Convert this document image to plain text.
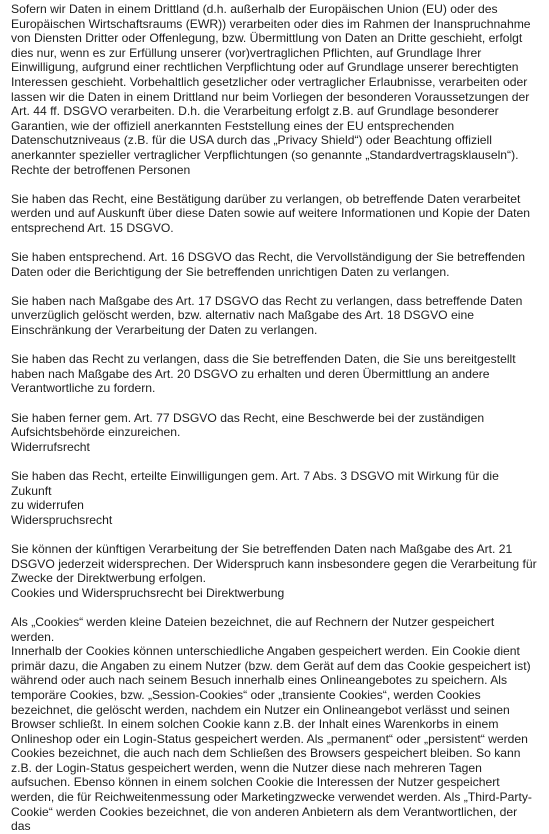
Sofern wir Daten in einem Drittland (d.h. außerhalb der Europäischen Union (EU) oder des
Europäischen Wirtschaftsraums (EWR)) verarbeiten oder dies im Rahmen der Inanspruchnahme
von Diensten Dritter oder Offenlegung, bzw. Übermittlung von Daten an Dritte geschieht, erfolgt
dies nur, wenn es zur Erfüllung unserer (vor)vertraglichen Pflichten, auf Grundlage Ihrer
Einwilligung, aufgrund einer rechtlichen Verpflichtung oder auf Grundlage unserer berechtigten
Interessen geschieht. Vorbehaltlich gesetzlicher oder vertraglicher Erlaubnisse, verarbeiten oder
lassen wir die Daten in einem Drittland nur beim Vorliegen der besonderen Voraussetzungen der
Art. 44 ff. DSGVO verarbeiten. D.h. die Verarbeitung erfolgt z.B. auf Grundlage besonderer
Garantien, wie der offiziell anerkannten Feststellung eines der EU entsprechenden
Datenschutzniveaus (z.B. für die USA durch das „Privacy Shield“) oder Beachtung offiziell
anerkannter spezieller vertraglicher Verpflichtungen (so genannte „Standardvertragsklauseln“).
Rechte der betroffenen Personen
Sie haben das Recht, eine Bestätigung darüber zu verlangen, ob betreffende Daten verarbeitet
werden und auf Auskunft über diese Daten sowie auf weitere Informationen und Kopie der Daten
entsprechend Art. 15 DSGVO.
Sie haben entsprechend. Art. 16 DSGVO das Recht, die Vervollständigung der Sie betreffenden
Daten oder die Berichtigung der Sie betreffenden unrichtigen Daten zu verlangen.
Sie haben nach Maßgabe des Art. 17 DSGVO das Recht zu verlangen, dass betreffende Daten
unverzüglich gelöscht werden, bzw. alternativ nach Maßgabe des Art. 18 DSGVO eine
Einschränkung der Verarbeitung der Daten zu verlangen.
Sie haben das Recht zu verlangen, dass die Sie betreffenden Daten, die Sie uns bereitgestellt
haben nach Maßgabe des Art. 20 DSGVO zu erhalten und deren Übermittlung an andere
Verantwortliche zu fordern.
Sie haben ferner gem. Art. 77 DSGVO das Recht, eine Beschwerde bei der zuständigen
Aufsichtsbehörde einzureichen.
Widerrufsrecht
Sie haben das Recht, erteilte Einwilligungen gem. Art. 7 Abs. 3 DSGVO mit Wirkung für die Zukunft
zu widerrufen
Widerspruchsrecht
Sie können der künftigen Verarbeitung der Sie betreffenden Daten nach Maßgabe des Art. 21
DSGVO jederzeit widersprechen. Der Widerspruch kann insbesondere gegen die Verarbeitung für
Zwecke der Direktwerbung erfolgen.
Cookies und Widerspruchsrecht bei Direktwerbung
Als „Cookies“ werden kleine Dateien bezeichnet, die auf Rechnern der Nutzer gespeichert werden.
Innerhalb der Cookies können unterschiedliche Angaben gespeichert werden. Ein Cookie dient
primär dazu, die Angaben zu einem Nutzer (bzw. dem Gerät auf dem das Cookie gespeichert ist)
während oder auch nach seinem Besuch innerhalb eines Onlineangebotes zu speichern. Als
temporäre Cookies, bzw. „Session-Cookies“ oder „transiente Cookies“, werden Cookies
bezeichnet, die gelöscht werden, nachdem ein Nutzer ein Onlineangebot verlässt und seinen
Browser schließt. In einem solchen Cookie kann z.B. der Inhalt eines Warenkorbs in einem
Onlineshop oder ein Login-Status gespeichert werden. Als „permanent“ oder „persistent“ werden
Cookies bezeichnet, die auch nach dem Schließen des Browsers gespeichert bleiben. So kann
z.B. der Login-Status gespeichert werden, wenn die Nutzer diese nach mehreren Tagen
aufsuchen. Ebenso können in einem solchen Cookie die Interessen der Nutzer gespeichert
werden, die für Reichweitenmessung oder Marketingzwecke verwendet werden. Als „Third-Party-
Cookie“ werden Cookies bezeichnet, die von anderen Anbietern als dem Verantwortlichen, der das
